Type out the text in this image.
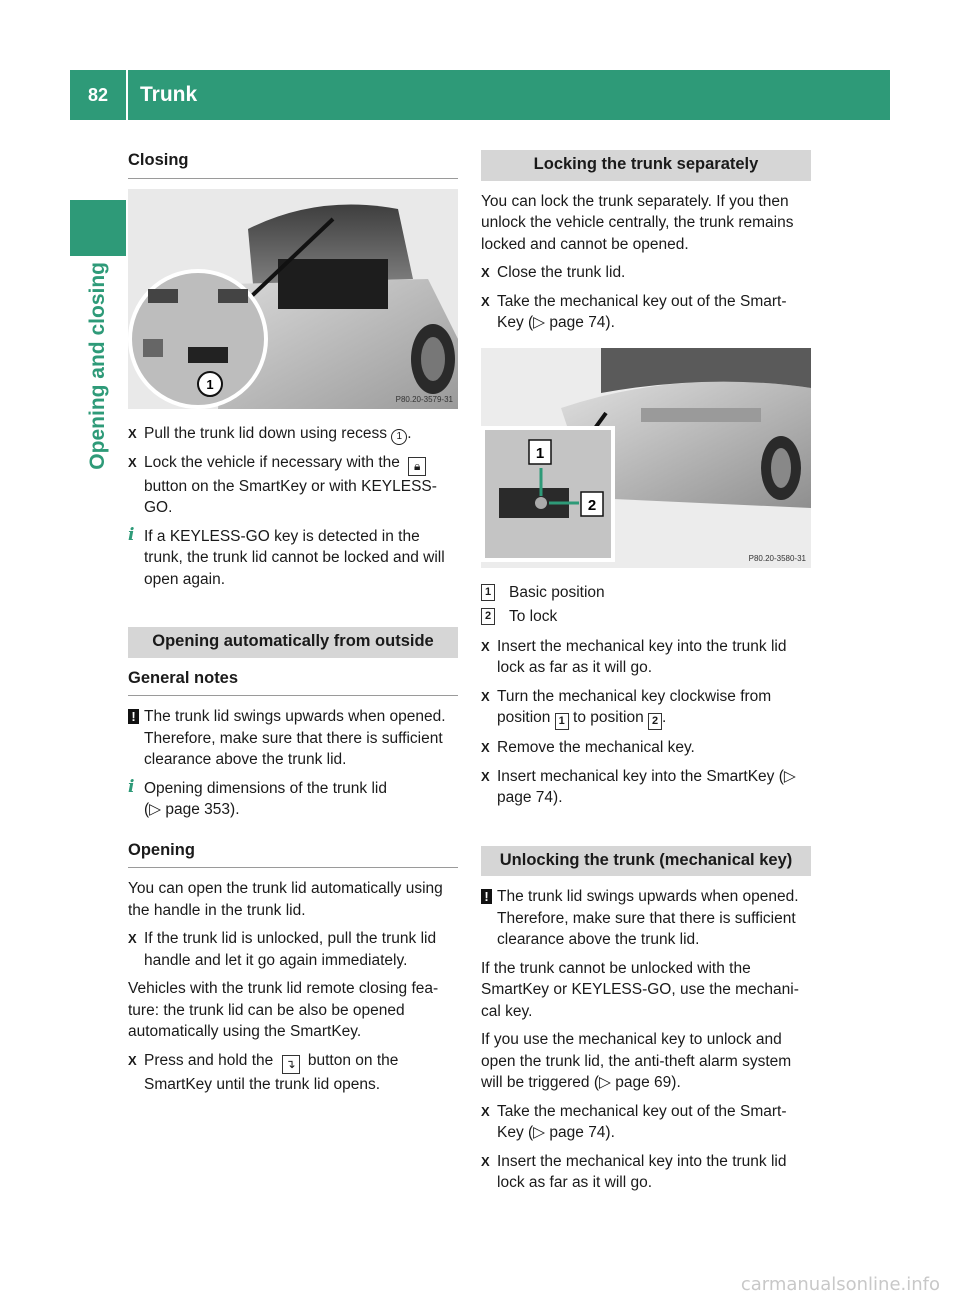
82	Trunk
Opening and closing
Closing
1
P80.20-3579-31
X Pull the trunk lid down using recess 1 .
X Lock the vehicle if necessary with the 🔒︎ button on the SmartKey or with KEYLESS-GO.
i If a KEYLESS-GO key is detected in the trunk, the trunk lid cannot be locked and will open again.
Opening automatically from outside
General notes
! The trunk lid swings upwards when opened. Therefore, make sure that there is sufficient clearance above the trunk lid.
i Opening dimensions of the trunk lid
(▷ page 353).
Opening

You can open the trunk lid automatically using the handle in the trunk lid.

X If the trunk lid is unlocked, pull the trunk lid handle and let it go again immediately.

Vehicles with the trunk lid remote closing fea-ture: the trunk lid can be also be opened automatically using the SmartKey.

X Press and hold the ↴ button on the SmartKey until the trunk lid opens.
Locking the trunk separately

You can lock the trunk separately. If you then unlock the vehicle centrally, the trunk remains locked and cannot be opened.

X Close the trunk lid.
X Take the mechanical key out of the Smart-Key (▷ page 74).
1
2
P80.20-3580-31
1 Basic position
2 To lock
X Insert the mechanical key into the trunk lid lock as far as it will go.
X Turn the mechanical key clockwise from position 1 to position 2 .
X Remove the mechanical key.
X Insert mechanical key into the SmartKey (▷ page 74).
Unlocking the trunk (mechanical key)
! The trunk lid swings upwards when opened. Therefore, make sure that there is sufficient clearance above the trunk lid.

If the trunk cannot be unlocked with the SmartKey or KEYLESS-GO, use the mechani-cal key.

If you use the mechanical key to unlock and open the trunk lid, the anti-theft alarm system will be triggered (▷ page 69).

X Take the mechanical key out of the Smart-Key (▷ page 74).
X Insert the mechanical key into the trunk lid lock as far as it will go.
carmanualsonline.info
